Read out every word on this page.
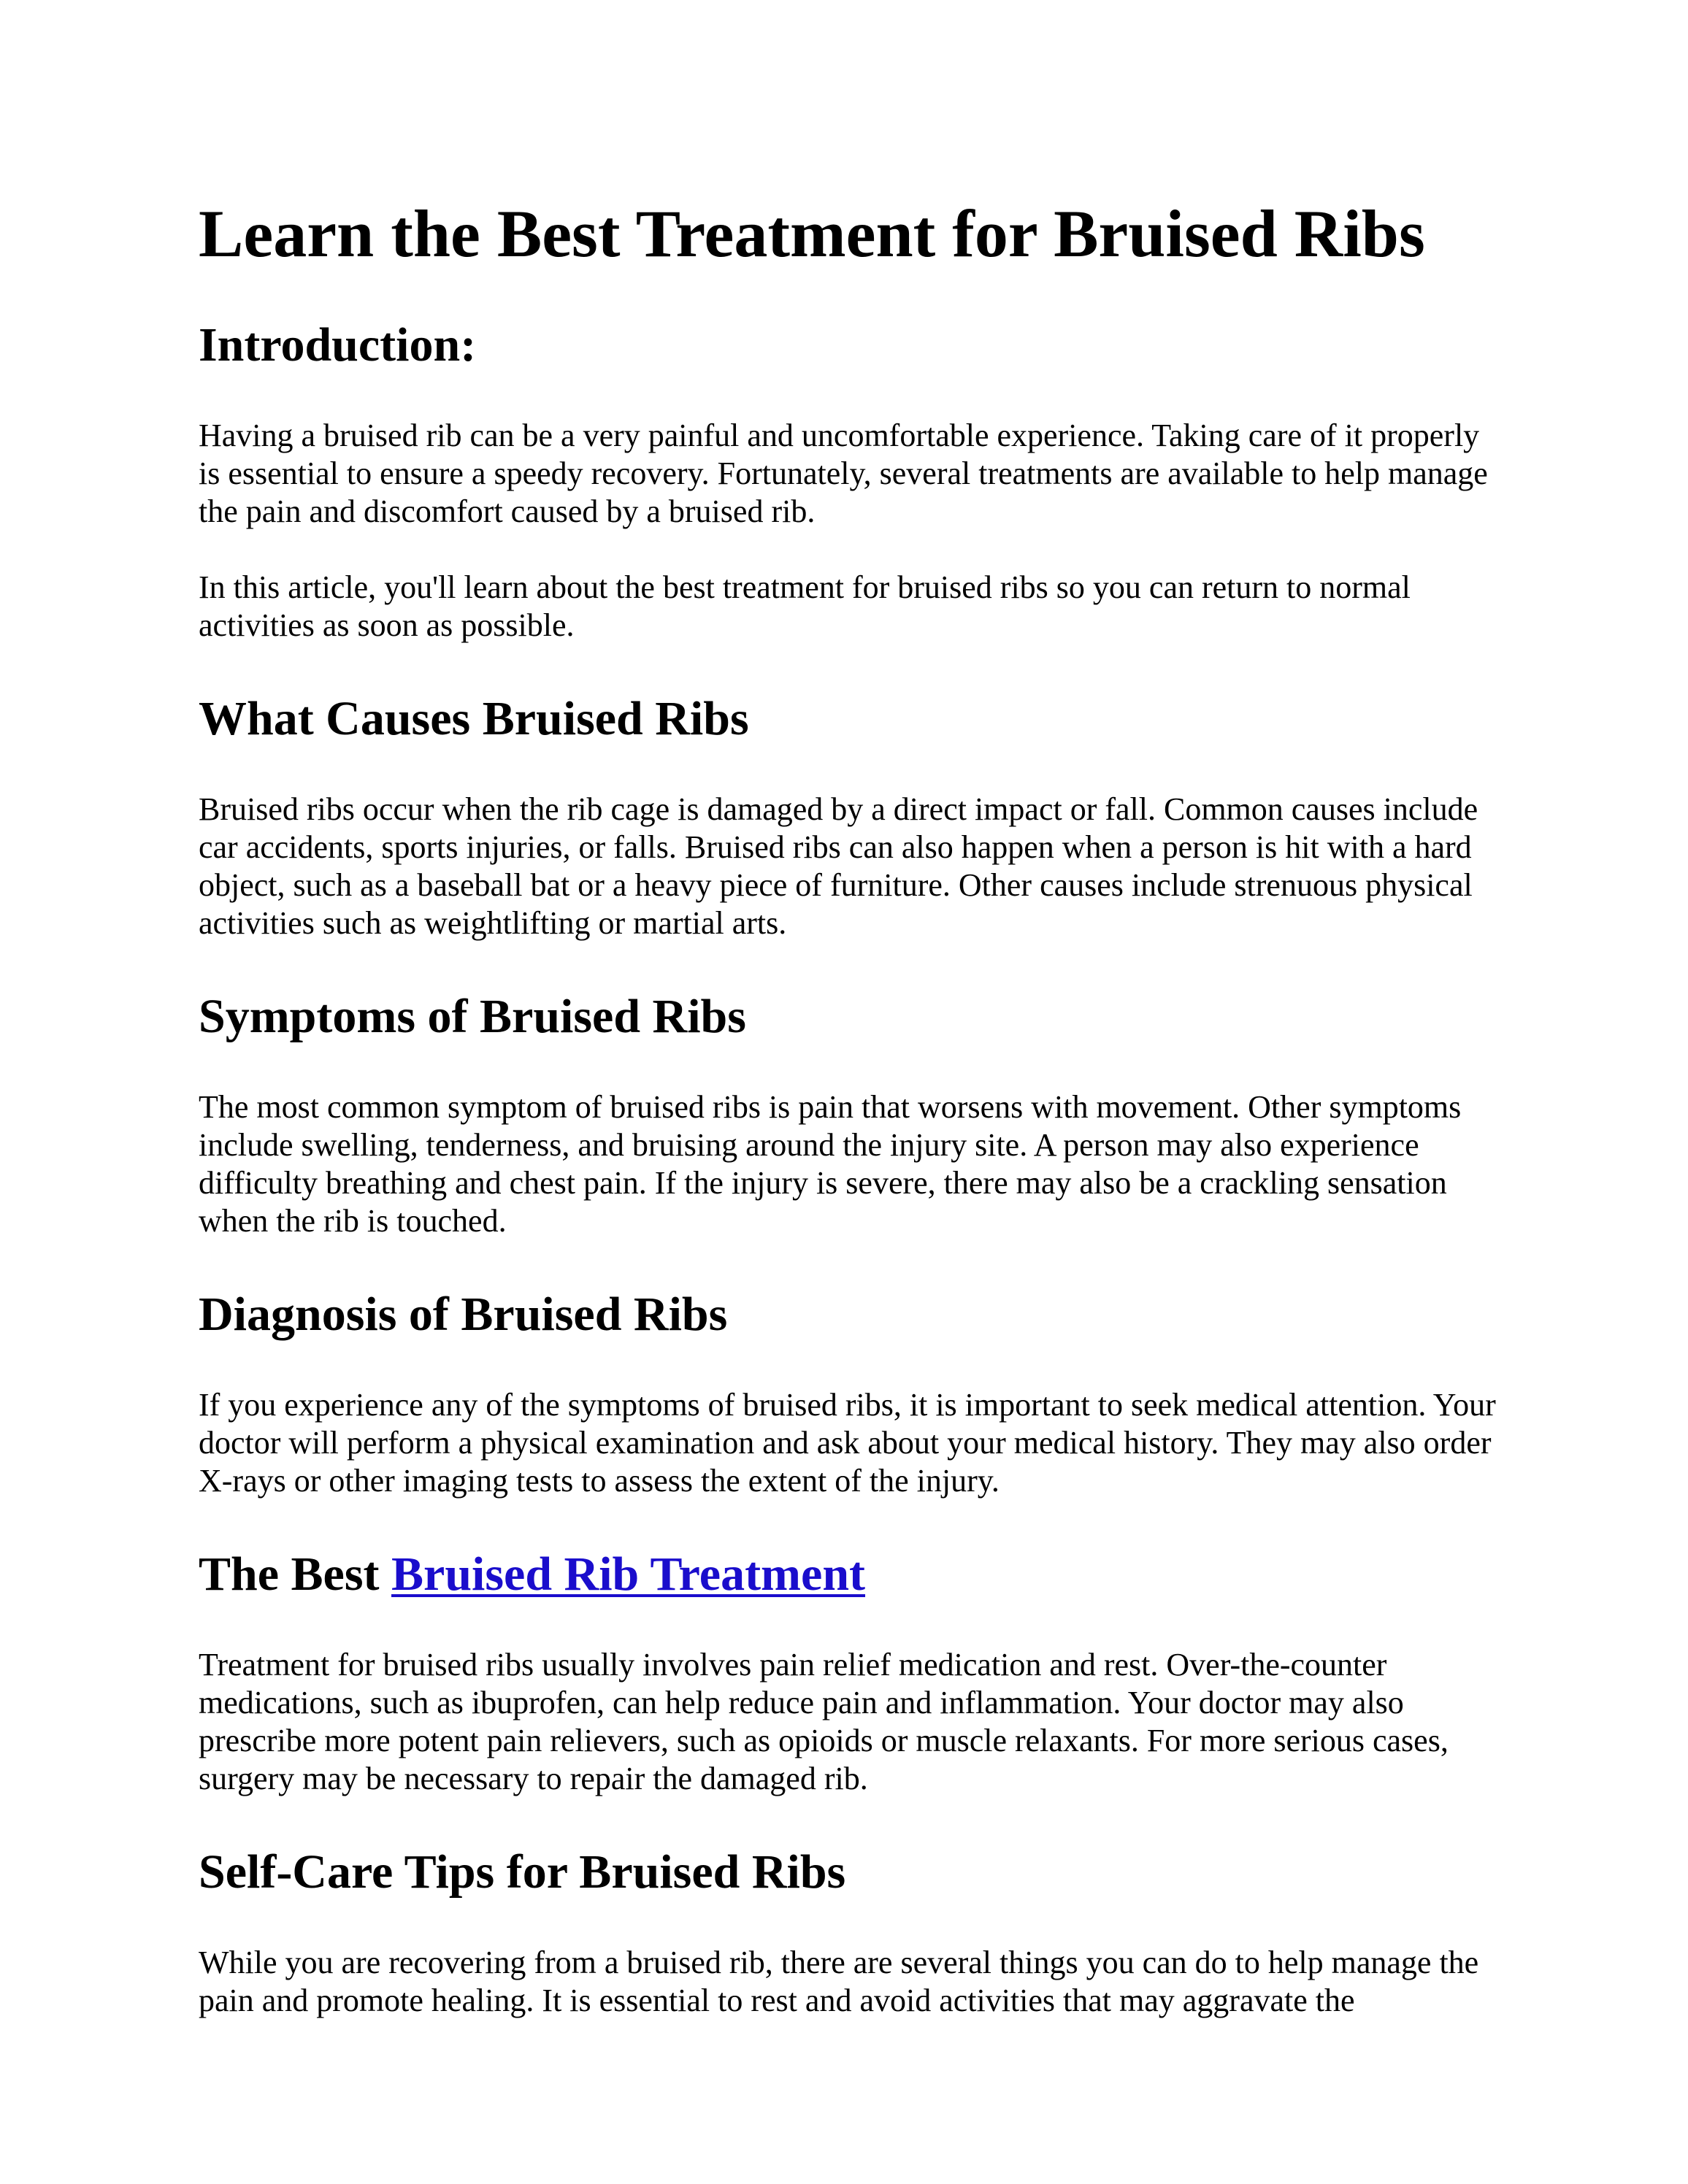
Learn the Best Treatment for Bruised Ribs
Introduction:

Having a bruised rib can be a very painful and uncomfortable experience. Taking care of it properly is essential to ensure a speedy recovery. Fortunately, several treatments are available to help manage the pain and discomfort caused by a bruised rib.

In this article, you'll learn about the best treatment for bruised ribs so you can return to normal activities as soon as possible.

What Causes Bruised Ribs

Bruised ribs occur when the rib cage is damaged by a direct impact or fall. Common causes include car accidents, sports injuries, or falls. Bruised ribs can also happen when a person is hit with a hard object, such as a baseball bat or a heavy piece of furniture. Other causes include strenuous physical activities such as weightlifting or martial arts.

Symptoms of Bruised Ribs

The most common symptom of bruised ribs is pain that worsens with movement. Other symptoms include swelling, tenderness, and bruising around the injury site. A person may also experience difficulty breathing and chest pain. If the injury is severe, there may also be a crackling sensation when the rib is touched.

Diagnosis of Bruised Ribs

If you experience any of the symptoms of bruised ribs, it is important to seek medical attention. Your doctor will perform a physical examination and ask about your medical history. They may also order X-rays or other imaging tests to assess the extent of the injury.

The Best Bruised Rib Treatment

Treatment for bruised ribs usually involves pain relief medication and rest. Over-the-counter medications, such as ibuprofen, can help reduce pain and inflammation. Your doctor may also prescribe more potent pain relievers, such as opioids or muscle relaxants. For more serious cases, surgery may be necessary to repair the damaged rib.

Self-Care Tips for Bruised Ribs

While you are recovering from a bruised rib, there are several things you can do to help manage the pain and promote healing. It is essential to rest and avoid activities that may aggravate the
